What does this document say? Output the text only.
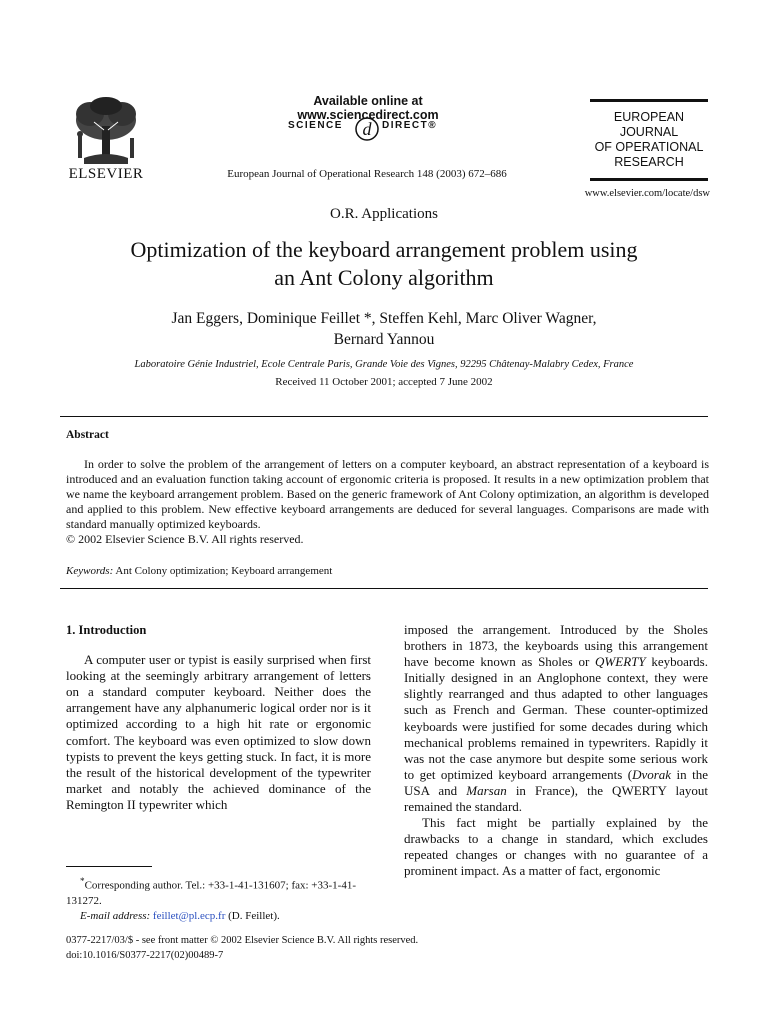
ELSEVIER
Available online at www.sciencedirect.com
SCIENCE d DIRECT®
European Journal of Operational Research 148 (2003) 672–686
EUROPEAN
JOURNAL
OF OPERATIONAL
RESEARCH
www.elsevier.com/locate/dsw
O.R. Applications
Optimization of the keyboard arrangement problem using
an Ant Colony algorithm
Jan Eggers, Dominique Feillet *, Steffen Kehl, Marc Oliver Wagner,
Bernard Yannou
Laboratoire Génie Industriel, Ecole Centrale Paris, Grande Voie des Vignes, 92295 Châtenay-Malabry Cedex, France
Received 11 October 2001; accepted 7 June 2002
Abstract

In order to solve the problem of the arrangement of letters on a computer keyboard, an abstract representation of a keyboard is introduced and an evaluation function taking account of ergonomic criteria is proposed. It results in a new optimization problem that we name the keyboard arrangement problem. Based on the generic framework of Ant Colony optimization, an algorithm is developed and applied to this problem. New effective keyboard arrangements are deduced for several languages. Comparisons are made with standard manually optimized keyboards.

© 2002 Elsevier Science B.V. All rights reserved.

Keywords: Ant Colony optimization; Keyboard arrangement

1. Introduction

A computer user or typist is easily surprised when first looking at the seemingly arbitrary arrangement of letters on a standard computer keyboard. Neither does the arrangement have any alphanumeric logical order nor is it optimized according to a high hit rate or ergonomic comfort. The keyboard was even optimized to slow down typists to prevent the keys getting stuck. In fact, it is more the result of the historical development of the typewriter market and notably the achieved dominance of the Remington II typewriter which

imposed the arrangement. Introduced by the Sholes brothers in 1873, the keyboards using this arrangement have become known as Sholes or QWERTY keyboards. Initially designed in an Anglophone context, they were slightly rearranged and thus adapted to other languages such as French and German. These counter-optimized keyboards were justified for some decades during which mechanical problems remained in typewriters. Rapidly it was not the case anymore but despite some serious work to get optimized keyboard arrangements (Dvorak in the USA and Marsan in France), the QWERTY layout remained the standard.

This fact might be partially explained by the drawbacks to a change in standard, which excludes repeated changes or changes with no guarantee of a prominent impact. As a matter of fact, ergonomic

*Corresponding author. Tel.: +33-1-41-131607; fax: +33-1-41-131272.
E-mail address: feillet@pl.ecp.fr (D. Feillet).
0377-2217/03/$ - see front matter © 2002 Elsevier Science B.V. All rights reserved.
doi:10.1016/S0377-2217(02)00489-7
